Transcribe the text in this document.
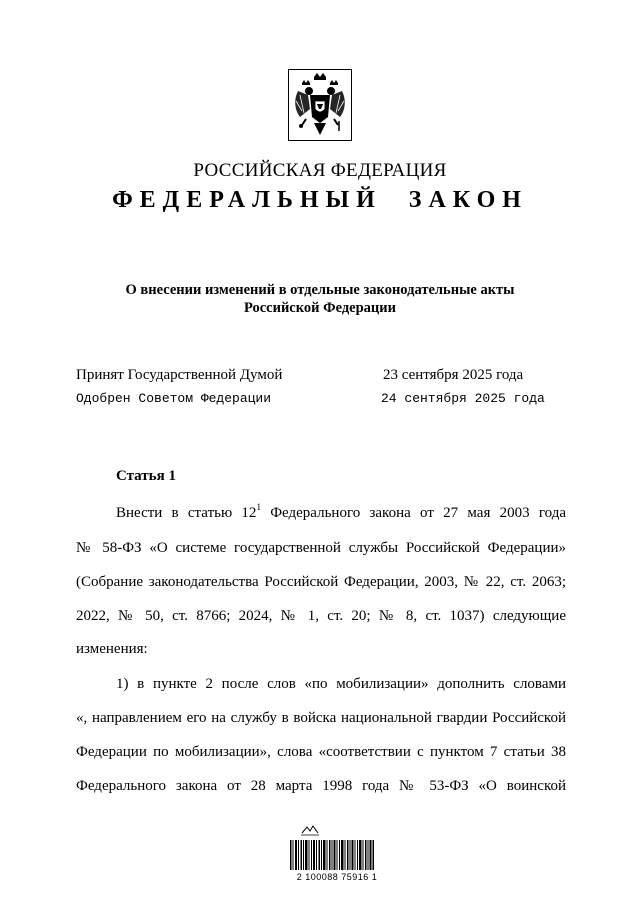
РОССИЙСКАЯ ФЕДЕРАЦИЯ
ФЕДЕРАЛЬНЫЙ ЗАКОН
О внесении изменений в отдельные законодательные акты
Российской Федерации
Принят Государственной Думой	23 сентября 2025 года
Одобрен Советом Федерации	24 сентября 2025 года
Статья 1
Внести в статью $12^1$ Федерального закона от 27 мая 2003 года
№ 58-ФЗ «О системе государственной службы Российской Федерации»
(Собрание законодательства Российской Федерации, 2003, № 22, ст. 2063;
2022, № 50, ст. 8766; 2024, № 1, ст. 20; № 8, ст. 1037) следующие
изменения:
1) в пункте 2 после слов «по мобилизации» дополнить словами
«, направлением его на службу в войска национальной гвардии Российской
Федерации по мобилизации», слова «соответствии с пунктом 7 статьи 38
Федерального закона от 28 марта 1998 года № 53-ФЗ «О воинской
2 100088 75916 1
